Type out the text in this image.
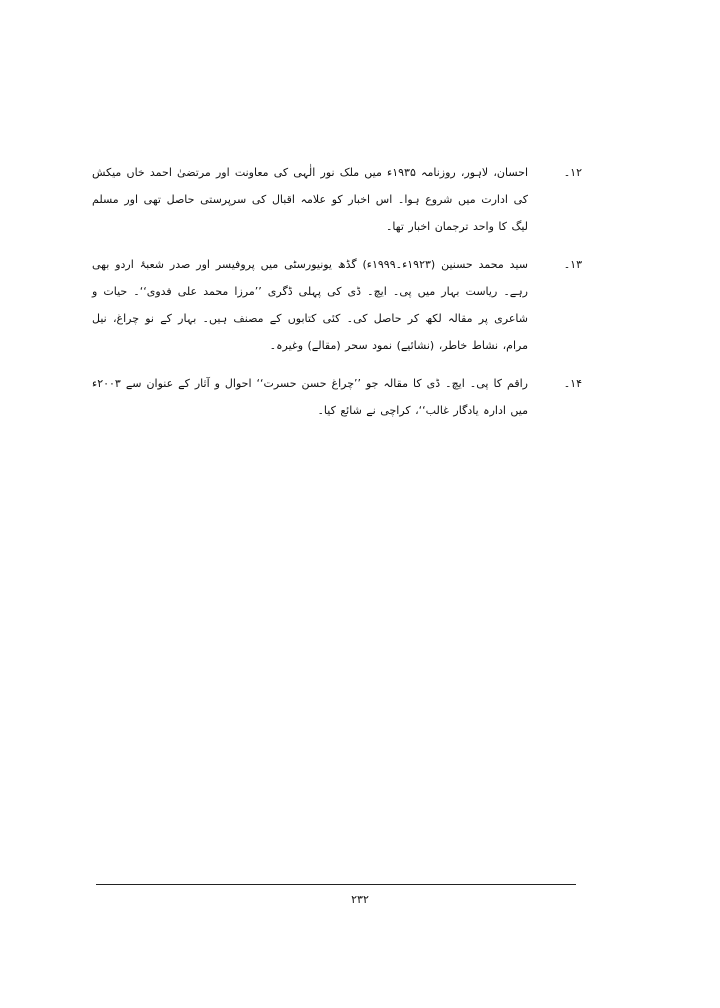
۱۲۔

احسان، لاہور، روزنامہ ۱۹۳۵ء میں ملک نور الٰہی کی معاونت اور مرتضیٰ احمد خاں میکش کی ادارت میں شروع ہوا۔ اس اخبار کو علامہ اقبال کی سرپرستی حاصل تھی اور مسلم لیگ کا واحد ترجمان اخبار تھا۔

۱۳۔

سید محمد حسنین (۱۹۲۳ء۔۱۹۹۹ء) گڈھ یونیورسٹی میں پروفیسر اور صدر شعبۂ اردو بھی رہے۔ ریاست بہار میں پی۔ ایچ۔ ڈی کی پہلی ڈگری ’’مرزا محمد علی فدوی‘‘۔ حیات و شاعری پر مقالہ لکھ کر حاصل کی۔ کئی کتابوں کے مصنف ہیں۔ بہار کے نو چراغ، نیل مرام، نشاط خاطر، (نشائیے) نمود سحر (مقالے) وغیرہ۔

۱۴۔

راقم کا پی۔ ایچ۔ ڈی کا مقالہ جو ’’چراغ حسن حسرت‘‘ احوال و آثار کے عنوان سے ۲۰۰۳ء میں ادارہ یادگار غالب‘‘، کراچی نے شائع کیا۔

۲۳۲
